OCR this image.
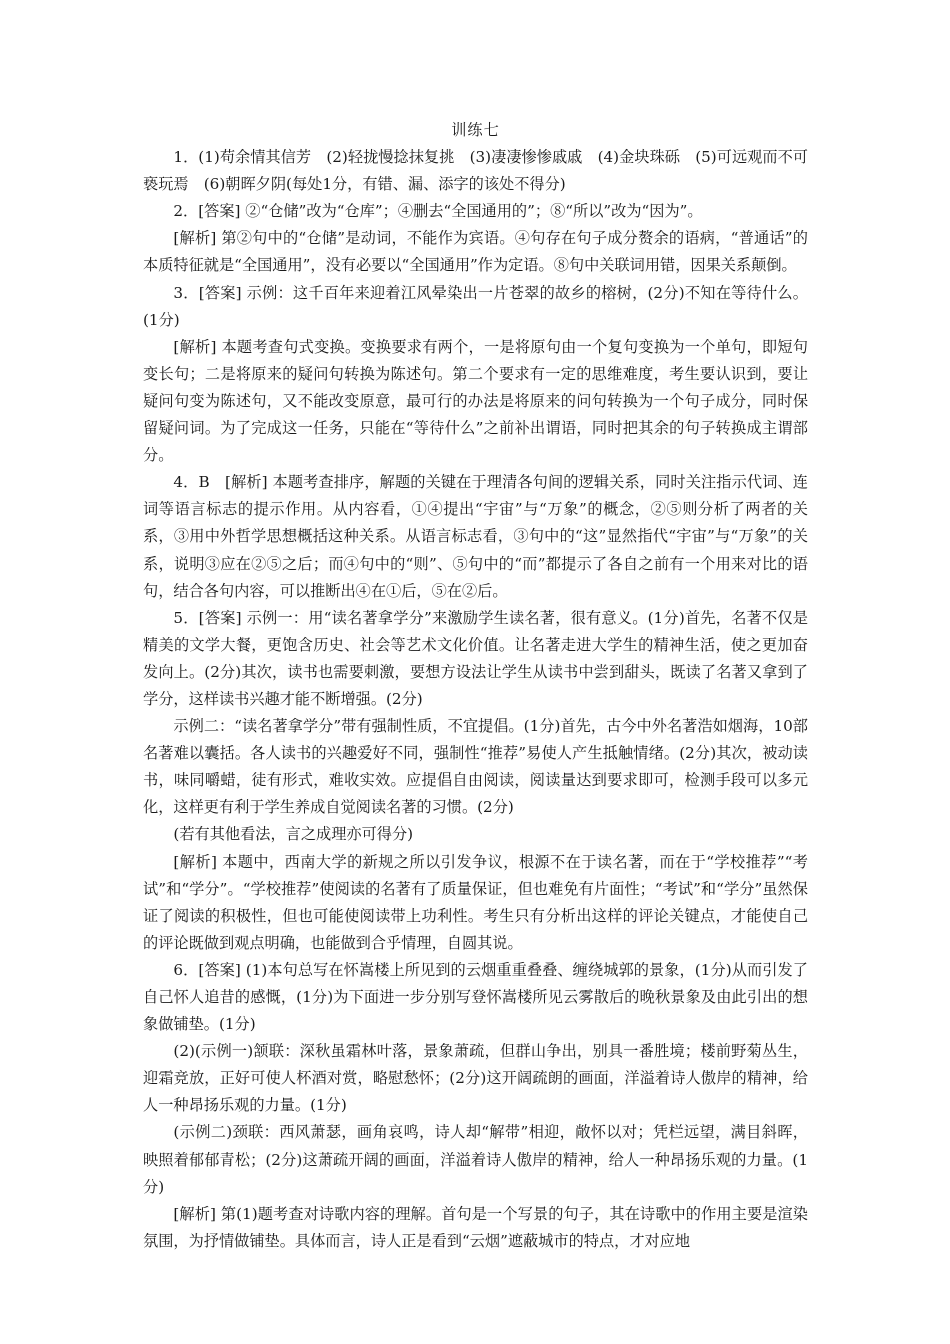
训练七

1．(1)苟余情其信芳　(2)轻拢慢捻抹复挑　(3)凄凄惨惨戚戚　(4)金块珠砾　(5)可远观而不可亵玩焉　(6)朝晖夕阴(每处1分，有错、漏、添字的该处不得分)

2．[答案] ②“仓储”改为“仓库”；④删去“全国通用的”；⑧“所以”改为“因为”。

[解析] 第②句中的“仓储”是动词，不能作为宾语。④句存在句子成分赘余的语病，“普通话”的本质特征就是“全国通用”，没有必要以“全国通用”作为定语。⑧句中关联词用错，因果关系颠倒。

3．[答案] 示例：这千百年来迎着江风晕染出一片苍翠的故乡的榕树，(2分)不知在等待什么。(1分)

[解析] 本题考查句式变换。变换要求有两个，一是将原句由一个复句变换为一个单句，即短句变长句；二是将原来的疑问句转换为陈述句。第二个要求有一定的思维难度，考生要认识到，要让疑问句变为陈述句，又不能改变原意，最可行的办法是将原来的问句转换为一个句子成分，同时保留疑问词。为了完成这一任务，只能在“等待什么”之前补出谓语，同时把其余的句子转换成主谓部分。

4．B　[解析] 本题考查排序，解题的关键在于理清各句间的逻辑关系，同时关注指示代词、连词等语言标志的提示作用。从内容看，①④提出“宇宙”与“万象”的概念，②⑤则分析了两者的关系，③用中外哲学思想概括这种关系。从语言标志看，③句中的“这”显然指代“宇宙”与“万象”的关系，说明③应在②⑤之后；而④句中的“则”、⑤句中的“而”都提示了各自之前有一个用来对比的语句，结合各句内容，可以推断出④在①后，⑤在②后。

5．[答案] 示例一：用“读名著拿学分”来激励学生读名著，很有意义。(1分)首先，名著不仅是精美的文学大餐，更饱含历史、社会等艺术文化价值。让名著走进大学生的精神生活，使之更加奋发向上。(2分)其次，读书也需要刺激，要想方设法让学生从读书中尝到甜头，既读了名著又拿到了学分，这样读书兴趣才能不断增强。(2分)

示例二：“读名著拿学分”带有强制性质，不宜提倡。(1分)首先，古今中外名著浩如烟海，10部名著难以囊括。各人读书的兴趣爱好不同，强制性“推荐”易使人产生抵触情绪。(2分)其次，被动读书，味同嚼蜡，徒有形式，难收实效。应提倡自由阅读，阅读量达到要求即可，检测手段可以多元化，这样更有利于学生养成自觉阅读名著的习惯。(2分)

(若有其他看法，言之成理亦可得分)

[解析] 本题中，西南大学的新规之所以引发争议，根源不在于读名著，而在于“学校推荐”“考试”和“学分”。“学校推荐”使阅读的名著有了质量保证，但也难免有片面性；“考试”和“学分”虽然保证了阅读的积极性，但也可能使阅读带上功利性。考生只有分析出这样的评论关键点，才能使自己的评论既做到观点明确，也能做到合乎情理，自圆其说。

6．[答案] (1)本句总写在怀嵩楼上所见到的云烟重重叠叠、缠绕城郭的景象，(1分)从而引发了自己怀人追昔的感慨，(1分)为下面进一步分别写登怀嵩楼所见云雾散后的晚秋景象及由此引出的想象做铺垫。(1分)

(2)(示例一)颔联：深秋虽霜林叶落，景象萧疏，但群山争出，别具一番胜境；楼前野菊丛生，迎霜竞放，正好可使人杯酒对赏，略慰愁怀；(2分)这开阔疏朗的画面，洋溢着诗人傲岸的精神，给人一种昂扬乐观的力量。(1分)

(示例二)颈联：西风萧瑟，画角哀鸣，诗人却“解带”相迎，敞怀以对；凭栏远望，满目斜晖，映照着郁郁青松；(2分)这萧疏开阔的画面，洋溢着诗人傲岸的精神，给人一种昂扬乐观的力量。(1分)

[解析] 第(1)题考查对诗歌内容的理解。首句是一个写景的句子，其在诗歌中的作用主要是渲染氛围，为抒情做铺垫。具体而言，诗人正是看到“云烟”遮蔽城市的特点，才对应地
